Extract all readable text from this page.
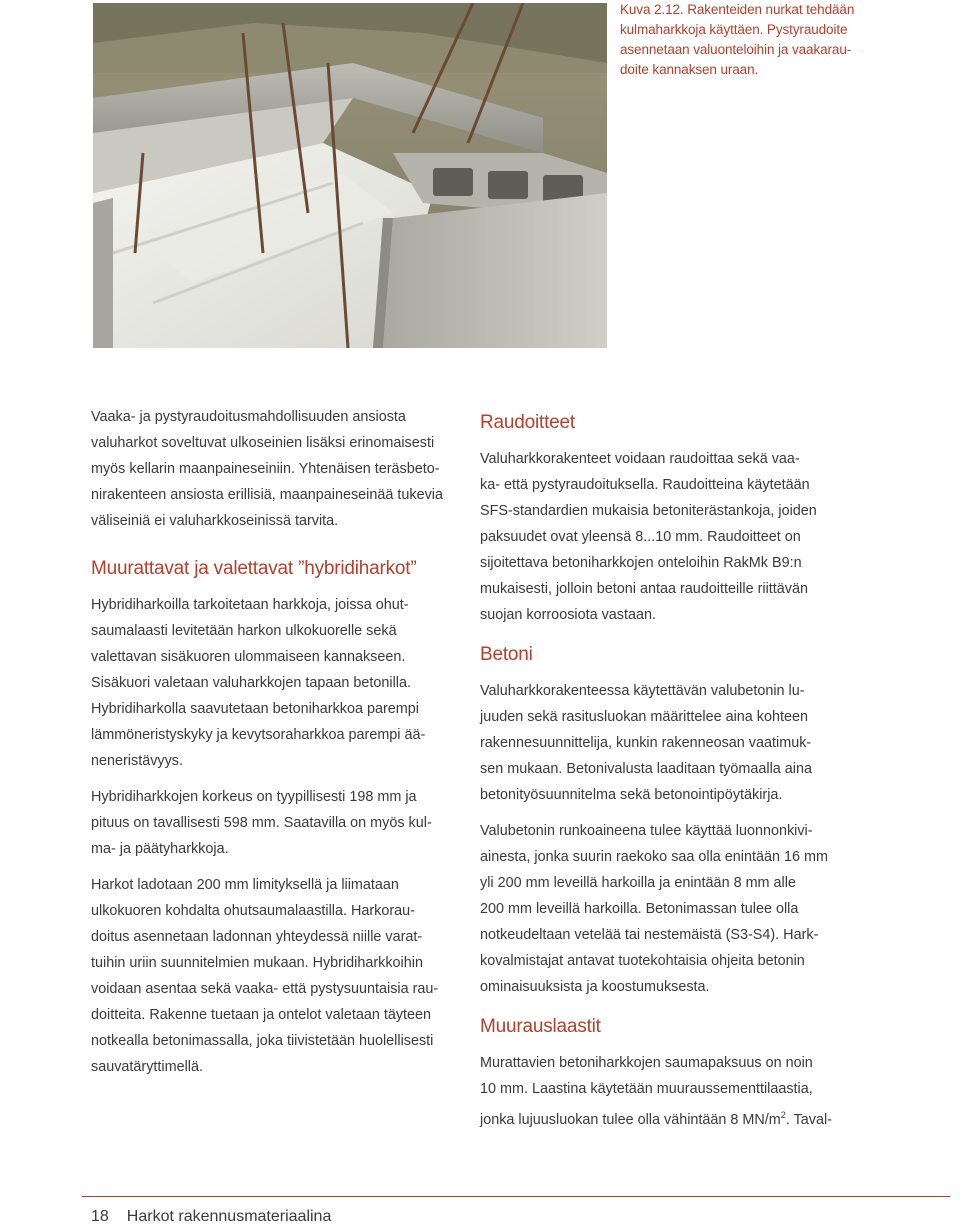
Kuva 2.12. Rakenteiden nurkat tehdään
kulmaharkkoja käyttäen. Pystyraudoite
asennetaan valuonteloihin ja vaakarau-
doite kannaksen uraan.
Vaaka- ja pystyraudoitusmahdollisuuden ansiosta
valuharkot soveltuvat ulkoseinien lisäksi erinomaisesti
myös kellarin maanpaineseiniin. Yhtenäisen teräsbeto-
nirakenteen ansiosta erillisiä, maanpaineseinää tukevia
väliseiniä ei valuharkkoseinissä tarvita.
Muurattavat ja valettavat ”hybridiharkot”
Hybridiharkoilla tarkoitetaan harkkoja, joissa ohut-
saumalaasti levitetään harkon ulkokuorelle sekä
valettavan sisäkuoren ulommaiseen kannakseen.
Sisäkuori valetaan valuharkkojen tapaan betonilla.
Hybridiharkolla saavutetaan betoniharkkoa parempi
lämmöneristyskyky ja kevytsoraharkkoa parempi ää-
neneristävyys.
Hybridiharkkojen korkeus on tyypillisesti 198 mm ja
pituus on tavallisesti 598 mm. Saatavilla on myös kul-
ma- ja päätyharkkoja.
Harkot ladotaan 200 mm limityksellä ja liimataan
ulkokuoren kohdalta ohutsaumalaastilla. Harkorau-
doitus asennetaan ladonnan yhteydessä niille varat-
tuihin uriin suunnitelmien mukaan. Hybridiharkkoihin
voidaan asentaa sekä vaaka- että pystysuuntaisia rau-
doitteita. Rakenne tuetaan ja ontelot valetaan täyteen
notkealla betonimassalla, joka tiivistetään huolellisesti
sauvatäryttimellä.
Raudoitteet
Valuharkkorakenteet voidaan raudoittaa sekä vaa-
ka- että pystyraudoituksella. Raudoitteina käytetään
SFS-standardien mukaisia betoniterästankoja, joiden
paksuudet ovat yleensä 8...10 mm. Raudoitteet on
sijoitettava betoniharkkojen onteloihin RakMk B9:n
mukaisesti, jolloin betoni antaa raudoitteille riittävän
suojan korroosiota vastaan.
Betoni
Valuharkkorakenteessa käytettävän valubetonin lu-
juuden sekä rasitusluokan määrittelee aina kohteen
rakennesuunnittelija, kunkin rakenneosan vaatimuk-
sen mukaan. Betonivalusta laaditaan työmaalla aina
betonityösuunnitelma sekä betonointipöytäkirja.
Valubetonin runkoaineena tulee käyttää luonnonkivi-
ainesta, jonka suurin raekoko saa olla enintään 16 mm
yli 200 mm leveillä harkoilla ja enintään 8 mm alle
200 mm leveillä harkoilla. Betonimassan tulee olla
notkeudeltaan vetelää tai nestemäistä (S3-S4). Hark-
kovalmistajat antavat tuotekohtaisia ohjeita betonin
ominaisuuksista ja koostumuksesta.
Muurauslaastit
Murattavien betoniharkkojen saumapaksuus on noin
10 mm. Laastina käytetään muuraussementtilaastia,
jonka lujuusluokan tulee olla vähintään 8 $MN/m^2$. Taval-
18 Harkot rakennusmateriaalina
